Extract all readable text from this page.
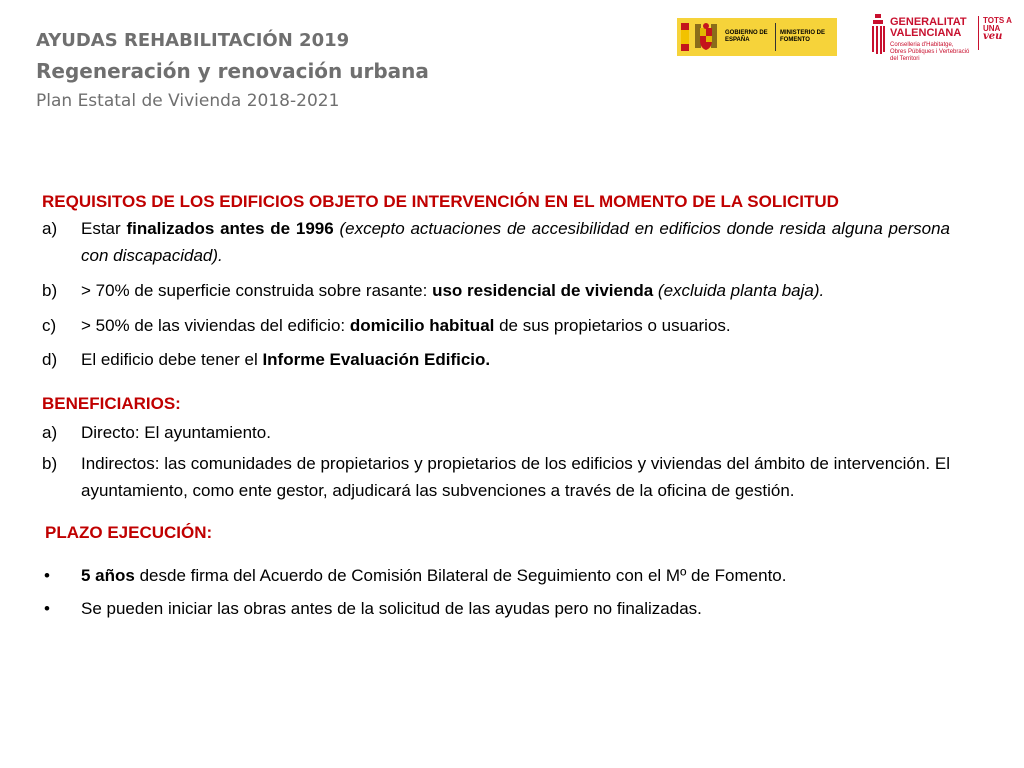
AYUDAS REHABILITACIÓN 2019
Regeneración y renovación urbana
Plan Estatal de Vivienda 2018-2021
GOBIERNO DE ESPAÑA
MINISTERIO DE FOMENTO
GENERALITAT VALENCIANA
Conselleria d'Habitatge, Obres Públiques i Vertebració del Territori
TOTS A UNA
veu
REQUISITOS DE LOS EDIFICIOS OBJETO DE INTERVENCIÓN EN EL MOMENTO DE LA SOLICITUD
a) Estar finalizados antes de 1996 (excepto actuaciones de accesibilidad en edificios donde resida alguna persona con discapacidad).
b) > 70% de superficie construida sobre rasante: uso residencial de vivienda (excluida planta baja).
c) > 50% de las viviendas del edificio: domicilio habitual de sus propietarios o usuarios.
d) El edificio debe tener el Informe Evaluación Edificio.
BENEFICIARIOS:
a) Directo: El ayuntamiento.
b) Indirectos: las comunidades de propietarios y propietarios de los edificios y viviendas del ámbito de intervención. El ayuntamiento, como ente gestor, adjudicará las subvenciones a través de la oficina de gestión.
PLAZO EJECUCIÓN:
• 5 años desde firma del Acuerdo de Comisión Bilateral de Seguimiento con el Mº de Fomento.
• Se pueden iniciar las obras antes de la solicitud de las ayudas pero no finalizadas.
